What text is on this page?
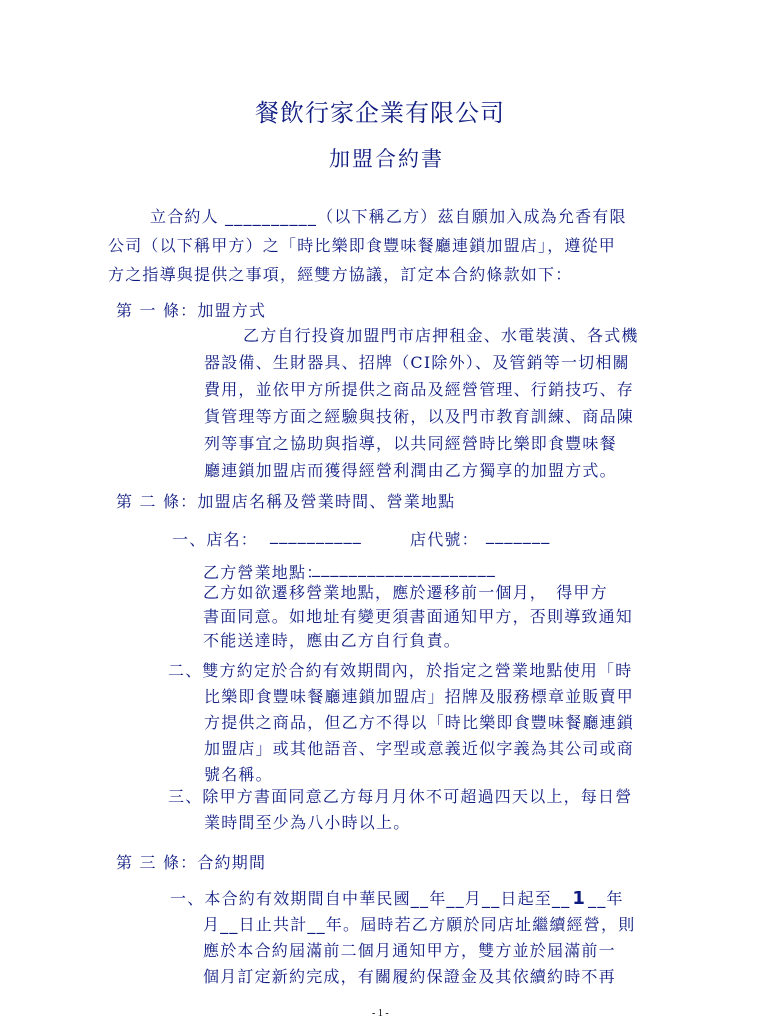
餐飲行家企業有限公司
加盟合約書
立合約人 __________（以下稱乙方）茲自願加入成為允香有限
公司（以下稱甲方）之「時比樂即食豐味餐廳連鎖加盟店」，遵從甲
方之指導與提供之事項，經雙方協議，訂定本合約條款如下：
第 一 條：加盟方式
乙方自行投資加盟門市店押租金、水電裝潢、各式機
器設備、生財器具、招牌（CI除外）、及管銷等一切相關
費用，並依甲方所提供之商品及經營管理、行銷技巧、存
貨管理等方面之經驗與技術，以及門市教育訓練、商品陳
列等事宜之協助與指導，以共同經營時比樂即食豐味餐
廳連鎖加盟店而獲得經營利潤由乙方獨享的加盟方式。
第 二 條：加盟店名稱及營業時間、營業地點
一、店名： __________	店代號： _______
乙方營業地點：
____________________
乙方如欲遷移營業地點，應於遷移前一個月，　得甲方
書面同意。如地址有變更須書面通知甲方，否則導致通知
不能送達時，應由乙方自行負責。
二、雙方約定於合約有效期間內，於指定之營業地點使用「時
比樂即食豐味餐廳連鎖加盟店」招牌及服務標章並販賣甲
方提供之商品，但乙方不得以「時比樂即食豐味餐廳連鎖
加盟店」或其他語音、字型或意義近似字義為其公司或商
號名稱。
三、除甲方書面同意乙方每月月休不可超過四天以上，每日營
業時間至少為八小時以上。
第 三 條：合約期間
一、本合約有效期間自中華民國__年__月__日起至__ 1 __年
月__日止共計__年。屆時若乙方願於同店址繼續經營，則
應於本合約屆滿前二個月通知甲方，雙方並於屆滿前一
個月訂定新約完成，有關履約保證金及其依續約時不再
- 1 -
